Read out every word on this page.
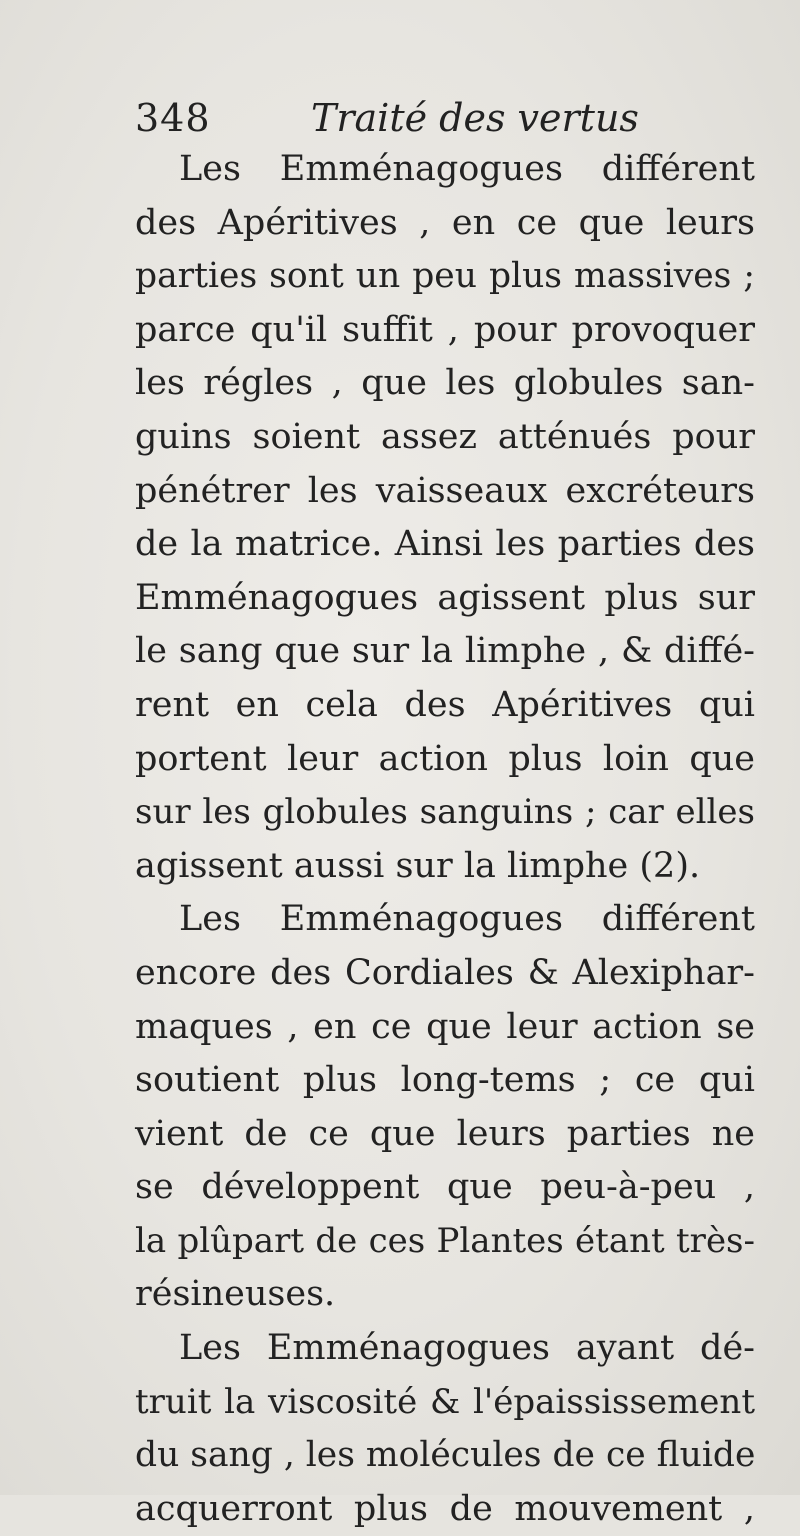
348	Traité des vertus
Les Emménagogues différent
des Apéritives , en ce que leurs
parties sont un peu plus massives ;
parce qu'il suffit , pour provoquer
les régles , que les globules san-
guins soient assez atténués pour
pénétrer les vaisseaux excréteurs
de la matrice. Ainsi les parties des
Emménagogues agissent plus sur
le sang que sur la limphe , & diffé-
rent en cela des Apéritives qui
portent leur action plus loin que
sur les globules sanguins ; car elles
agissent aussi sur la limphe (2).
Les Emménagogues différent
encore des Cordiales & Alexiphar-
maques , en ce que leur action se
soutient plus long-tems ; ce qui
vient de ce que leurs parties ne
se développent que peu-à-peu ,
la plûpart de ces Plantes étant très-
résineuses.
Les Emménagogues ayant dé-
truit la viscosité & l'épaississement
du sang , les molécules de ce fluide
acquerront plus de mouvement ,
